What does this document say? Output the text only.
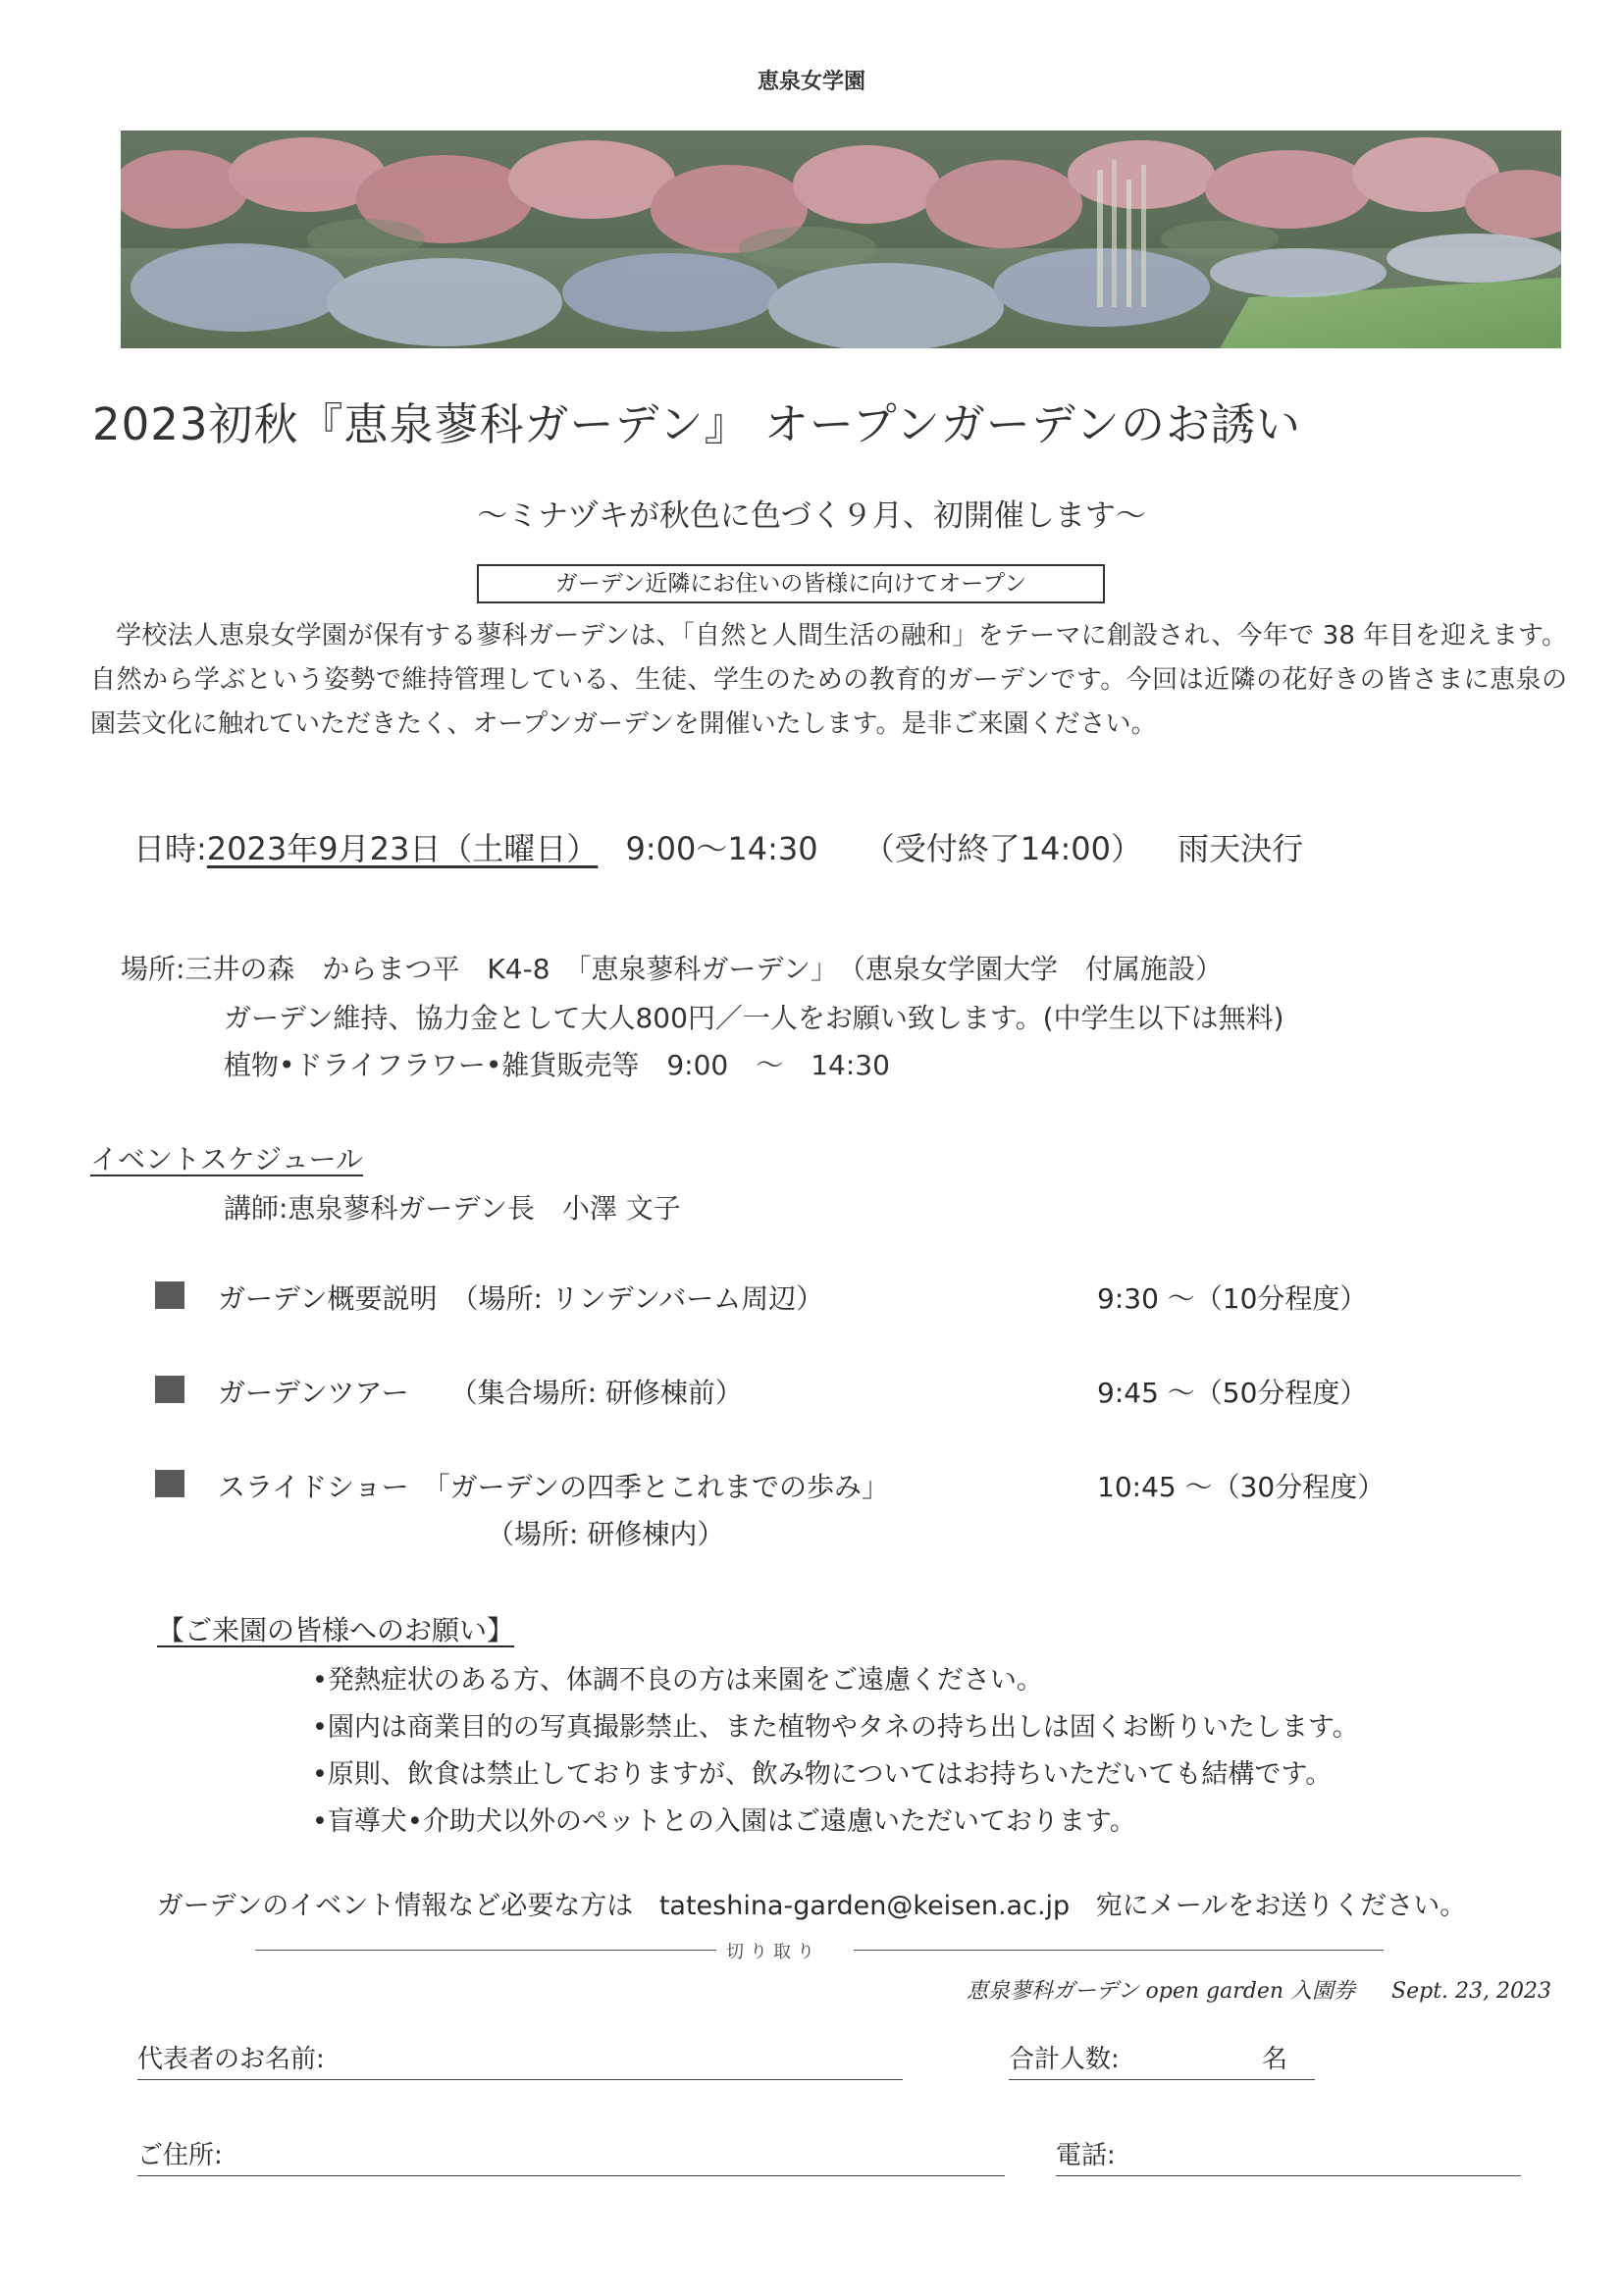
恵泉女学園
2023初秋『恵泉蓼科ガーデン』 オープンガーデンのお誘い
〜ミナヅキが秋色に色づく９月、初開催します〜
ガーデン近隣にお住いの皆様に向けてオープン
学校法人恵泉女学園が保有する蓼科ガーデンは、「自然と人間生活の融和」をテーマに創設され、今年で 38 年目を迎えます。自然から学ぶという姿勢で維持管理している、生徒、学生のための教育的ガーデンです。今回は近隣の花好きの皆さまに恵泉の園芸文化に触れていただきたく、オープンガーデンを開催いたします。是非ご来園ください。
日時:2023年9月23日（土曜日） 9:00〜14:30 （受付終了14:00） 雨天決行
場所:三井の森　からまつ平　K4-8　「恵泉蓼科ガーデン」　（恵泉女学園大学　付属施設）
ガーデン維持、協力金として大人800円／一人をお願い致します。(中学生以下は無料)
植物•ドライフラワー•雑貨販売等　9:00　〜　14:30
イベントスケジュール
講師:恵泉蓼科ガーデン長　小澤 文子
ガーデン概要説明　（場所: リンデンバーム周辺）	9:30 〜（10分程度）
ガーデンツアー　　（集合場所: 研修棟前）	9:45 〜（50分程度）
スライドショー　「ガーデンの四季とこれまでの歩み」
（場所: 研修棟内）
10:45 〜（30分程度）
【ご来園の皆様へのお願い】
•発熱症状のある方、体調不良の方は来園をご遠慮ください。
•園内は商業目的の写真撮影禁止、また植物やタネの持ち出しは固くお断りいたします。
•原則、飲食は禁止しておりますが、飲み物についてはお持ちいただいても結構です。
•盲導犬•介助犬以外のペットとの入園はご遠慮いただいております。
ガーデンのイベント情報など必要な方は tateshina-garden@keisen.ac.jp 宛にメールをお送りください。
切り取り
恵泉蓼科ガーデン open garden 入園券 Sept. 23, 2023
代表者のお名前:	合計人数:	名
ご住所:	電話:
